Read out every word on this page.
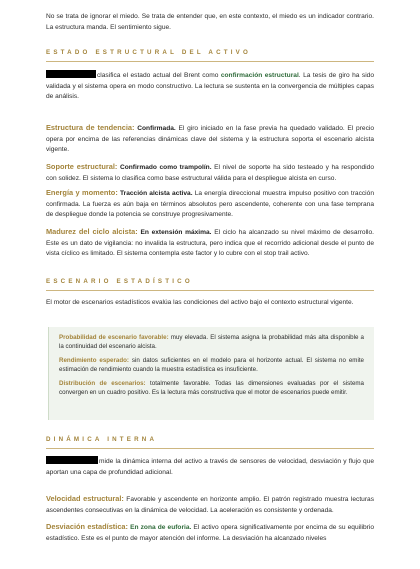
No se trata de ignorar el miedo. Se trata de entender que, en este contexto, el miedo es un indicador contrario. La estructura manda. El sentimiento sigue.

ESTADO ESTRUCTURAL DEL ACTIVO

clasifica el estado actual del Brent como confirmación estructural. La tesis de giro ha sido validada y el sistema opera en modo constructivo. La lectura se sustenta en la convergencia de múltiples capas de análisis.

Estructura de tendencia: Confirmada. El giro iniciado en la fase previa ha quedado validado. El precio opera por encima de las referencias dinámicas clave del sistema y la estructura soporta el escenario alcista vigente.

Soporte estructural: Confirmado como trampolín. El nivel de soporte ha sido testeado y ha respondido con solidez. El sistema lo clasifica como base estructural válida para el despliegue alcista en curso.

Energía y momento: Tracción alcista activa. La energía direccional muestra impulso positivo con tracción confirmada. La fuerza es aún baja en términos absolutos pero ascendente, coherente con una fase temprana de despliegue donde la potencia se construye progresivamente.

Madurez del ciclo alcista: En extensión máxima. El ciclo ha alcanzado su nivel máximo de desarrollo. Este es un dato de vigilancia: no invalida la estructura, pero indica que el recorrido adicional desde el punto de vista cíclico es limitado. El sistema contempla este factor y lo cubre con el stop trail activo.

ESCENARIO ESTADÍSTICO

El motor de escenarios estadísticos evalúa las condiciones del activo bajo el contexto estructural vigente.

Probabilidad de escenario favorable: muy elevada. El sistema asigna la probabilidad más alta disponible a la continuidad del escenario alcista.

Rendimiento esperado: sin datos suficientes en el modelo para el horizonte actual. El sistema no emite estimación de rendimiento cuando la muestra estadística es insuficiente.

Distribución de escenarios: totalmente favorable. Todas las dimensiones evaluadas por el sistema convergen en un cuadro positivo. Es la lectura más constructiva que el motor de escenarios puede emitir.

DINÁMICA INTERNA

mide la dinámica interna del activo a través de sensores de velocidad, desviación y flujo que aportan una capa de profundidad adicional.

Velocidad estructural: Favorable y ascendente en horizonte amplio. El patrón registrado muestra lecturas ascendentes consecutivas en la dinámica de velocidad. La aceleración es consistente y ordenada.

Desviación estadística: En zona de euforia. El activo opera significativamente por encima de su equilibrio estadístico. Este es el punto de mayor atención del informe. La desviación ha alcanzado niveles
